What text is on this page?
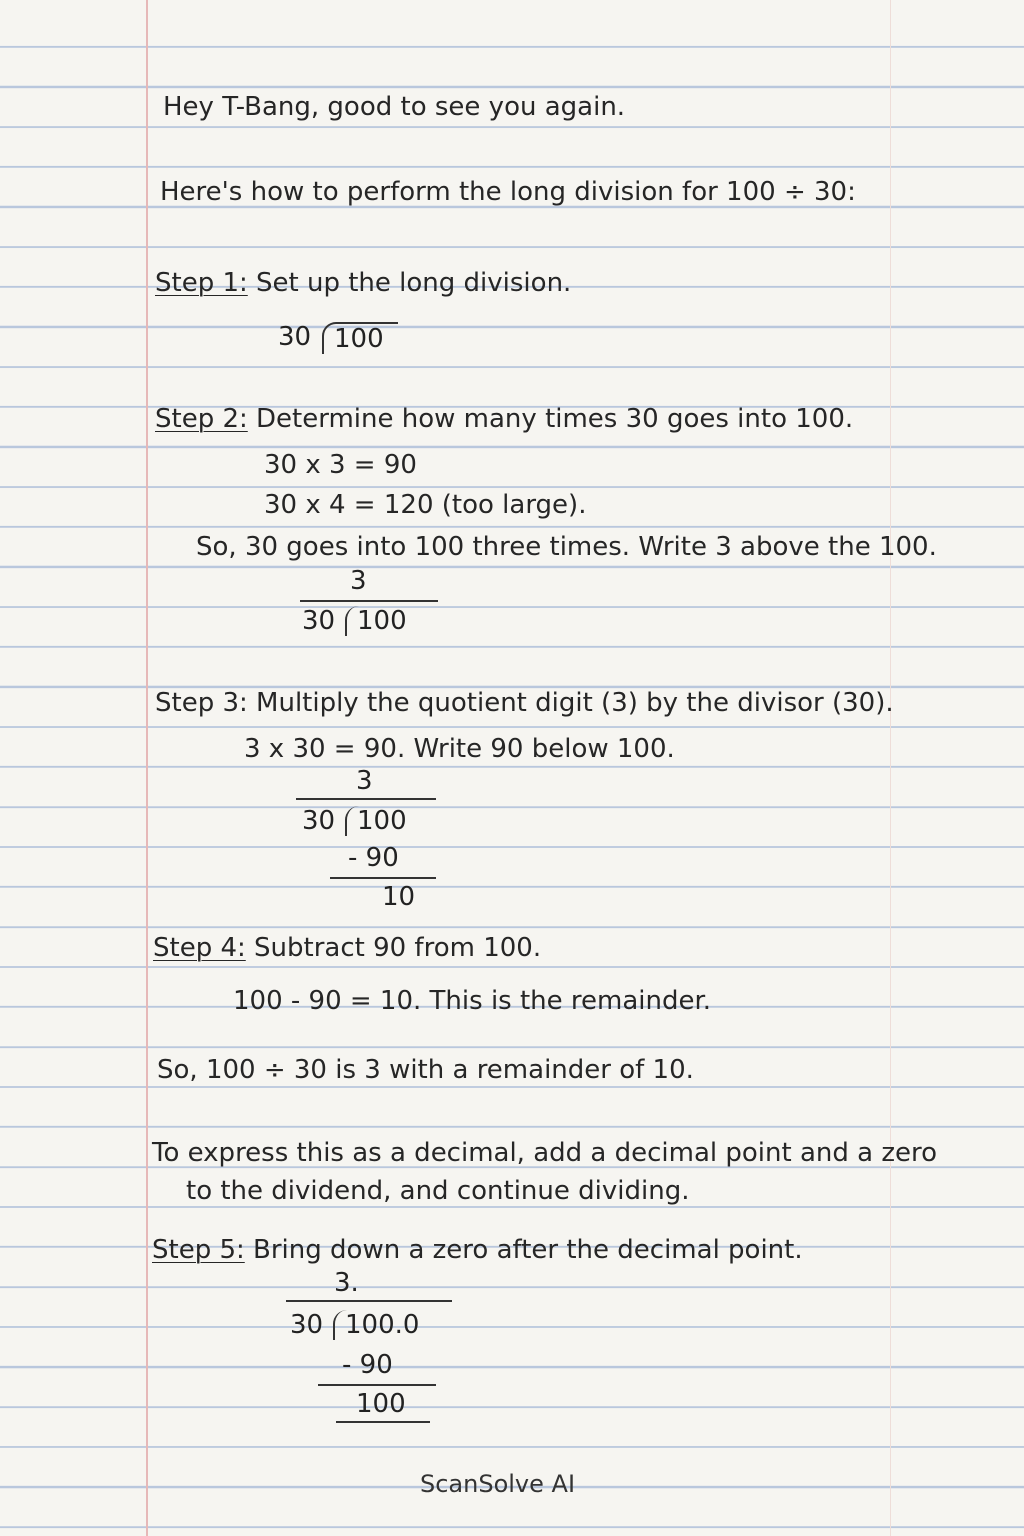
Hey T-Bang, good to see you again.
Here's how to perform the long division for 100 ÷ 30:
Step 1: Set up the long division.
30 100
Step 2: Determine how many times 30 goes into 100.
30 x 3 = 90
30 x 4 = 120 (too large).
So, 30 goes into 100 three times. Write 3 above the 100.
3
30 100
Step 3: Multiply the quotient digit (3) by the divisor (30).
3 x 30 = 90. Write 90 below 100.
3
30 100
- 90
10
Step 4: Subtract 90 from 100.
100 - 90 = 10. This is the remainder.
So, 100 ÷ 30 is 3 with a remainder of 10.
To express this as a decimal, add a decimal point and a zero
to the dividend, and continue dividing.
Step 5: Bring down a zero after the decimal point.
3.
30 100.0
- 90
100
ScanSolve AI
